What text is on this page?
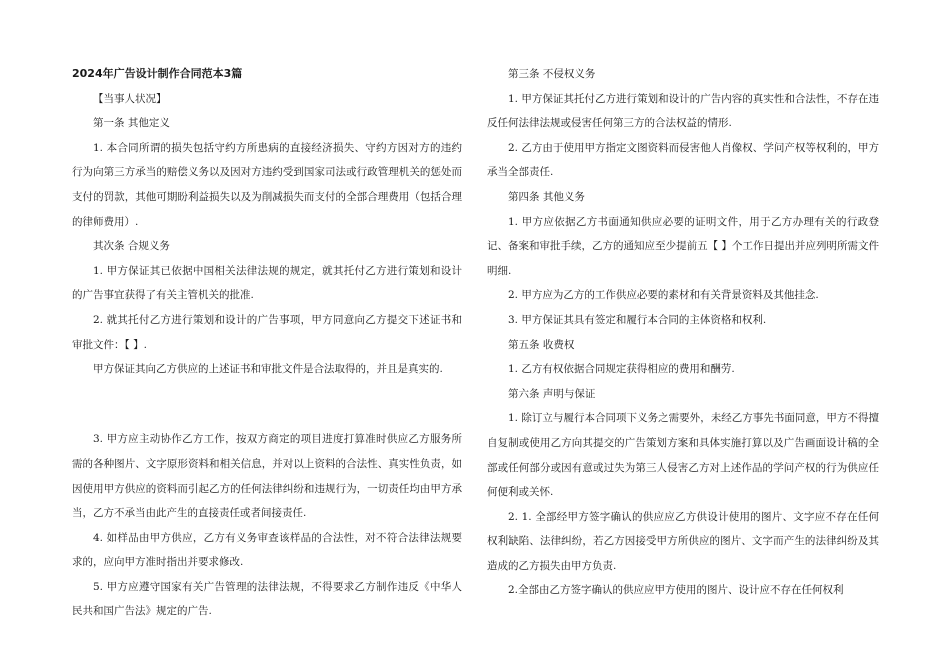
2024年广告设计制作合同范本3篇

【当事人状况】

第一条 其他定义

1. 本合同所谓的损失包括守约方所患病的直接经济损失、守约方因对方的违约行为向第三方承当的赔偿义务以及因对方违约受到国家司法或行政管理机关的惩处而支付的罚款，其他可期盼利益损失以及为削减损失而支付的全部合理费用（包括合理的律师费用）.

其次条 合规义务

1. 甲方保证其已依据中国相关法律法规的规定，就其托付乙方进行策划和设计的广告事宜获得了有关主管机关的批准.

2. 就其托付乙方进行策划和设计的广告事项，甲方同意向乙方提交下述证书和审批文件：【 】.

甲方保证其向乙方供应的上述证书和审批文件是合法取得的，并且是真实的.

3. 甲方应主动协作乙方工作，按双方商定的项目进度打算准时供应乙方服务所需的各种图片、文字原形资料和相关信息，并对以上资料的合法性、真实性负责，如因使用甲方供应的资料而引起乙方的任何法律纠纷和违规行为，一切责任均由甲方承当，乙方不承当由此产生的直接责任或者间接责任.

4. 如样品由甲方供应，乙方有义务审查该样品的合法性，对不符合法律法规要求的，应向甲方准时指出并要求修改.

5. 甲方应遵守国家有关广告管理的法律法规，不得要求乙方制作违反《中华人民共和国广告法》规定的广告.

第三条 不侵权义务

1. 甲方保证其托付乙方进行策划和设计的广告内容的真实性和合法性，不存在违反任何法律法规或侵害任何第三方的合法权益的情形.

2. 乙方由于使用甲方指定文图资料而侵害他人肖像权、学问产权等权利的，甲方承当全部责任.

第四条 其他义务

1. 甲方应依据乙方书面通知供应必要的证明文件，用于乙方办理有关的行政登记、备案和审批手续，乙方的通知应至少提前五【 】个工作日提出并应列明所需文件明细.

2. 甲方应为乙方的工作供应必要的素材和有关背景资料及其他挂念.

3. 甲方保证其具有签定和履行本合同的主体资格和权利.

第五条 收费权

1. 乙方有权依据合同规定获得相应的费用和酬劳.

第六条 声明与保证

1. 除订立与履行本合同项下义务之需要外，未经乙方事先书面同意，甲方不得擅自复制或使用乙方向其提交的广告策划方案和具体实施打算以及广告画面设计稿的全部或任何部分或因有意或过失为第三人侵害乙方对上述作品的学问产权的行为供应任何便利或关怀.

2. 1. 全部经甲方签字确认的供应应乙方供设计使用的图片、文字应不存在任何权利缺陷、法律纠纷，若乙方因接受甲方所供应的图片、文字而产生的法律纠纷及其造成的乙方损失由甲方负责.

2.全部由乙方签字确认的供应应甲方使用的图片、设计应不存在任何权利
